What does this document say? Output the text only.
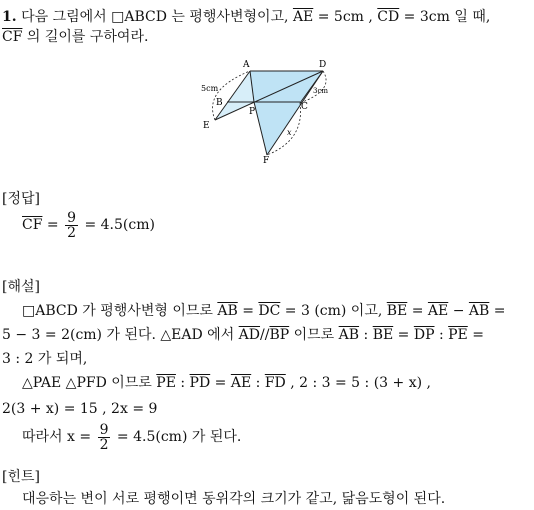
1. 다음 그림에서 □ABCD 는 평행사변형이고, $\overline{AE} = 5cm$ , $\overline{CD} = 3cm$ 일 때,
$\overline{CF}$ 의 길이를 구하여라.
A	D
B	C
E
P
F
5cm	3cm
x
[정답]
$\overline{CF} = \frac{9}{2} = 4.5(cm)$
[해설]
□ABCD 가 평행사변형 이므로 $\overline{AB} = \overline{DC} = 3$ (cm) 이고, $\overline{BE} = \overline{AE} - \overline{AB}$ =
5 − 3 = 2(cm) 가 된다. △EAD 에서 $\overline{AD}//\overline{BP}$ 이므로 $\overline{AB}$ : $\overline{BE} = \overline{DP}$ : $\overline{PE}$ =
3 : 2 가 되며,
△PAE △PFD 이므로 $\overline{PE}$ : $\overline{PD} = \overline{AE}$ : $\overline{FD}$ , 2 : 3 = 5 : (3 + x) ,
2(3 + x) = 15 , 2x = 9
따라서 $x = \frac{9}{2} = 4.5(cm)$ 가 된다.
[힌트]
대응하는 변이 서로 평행이면 동위각의 크기가 같고, 닮음도형이 된다.
